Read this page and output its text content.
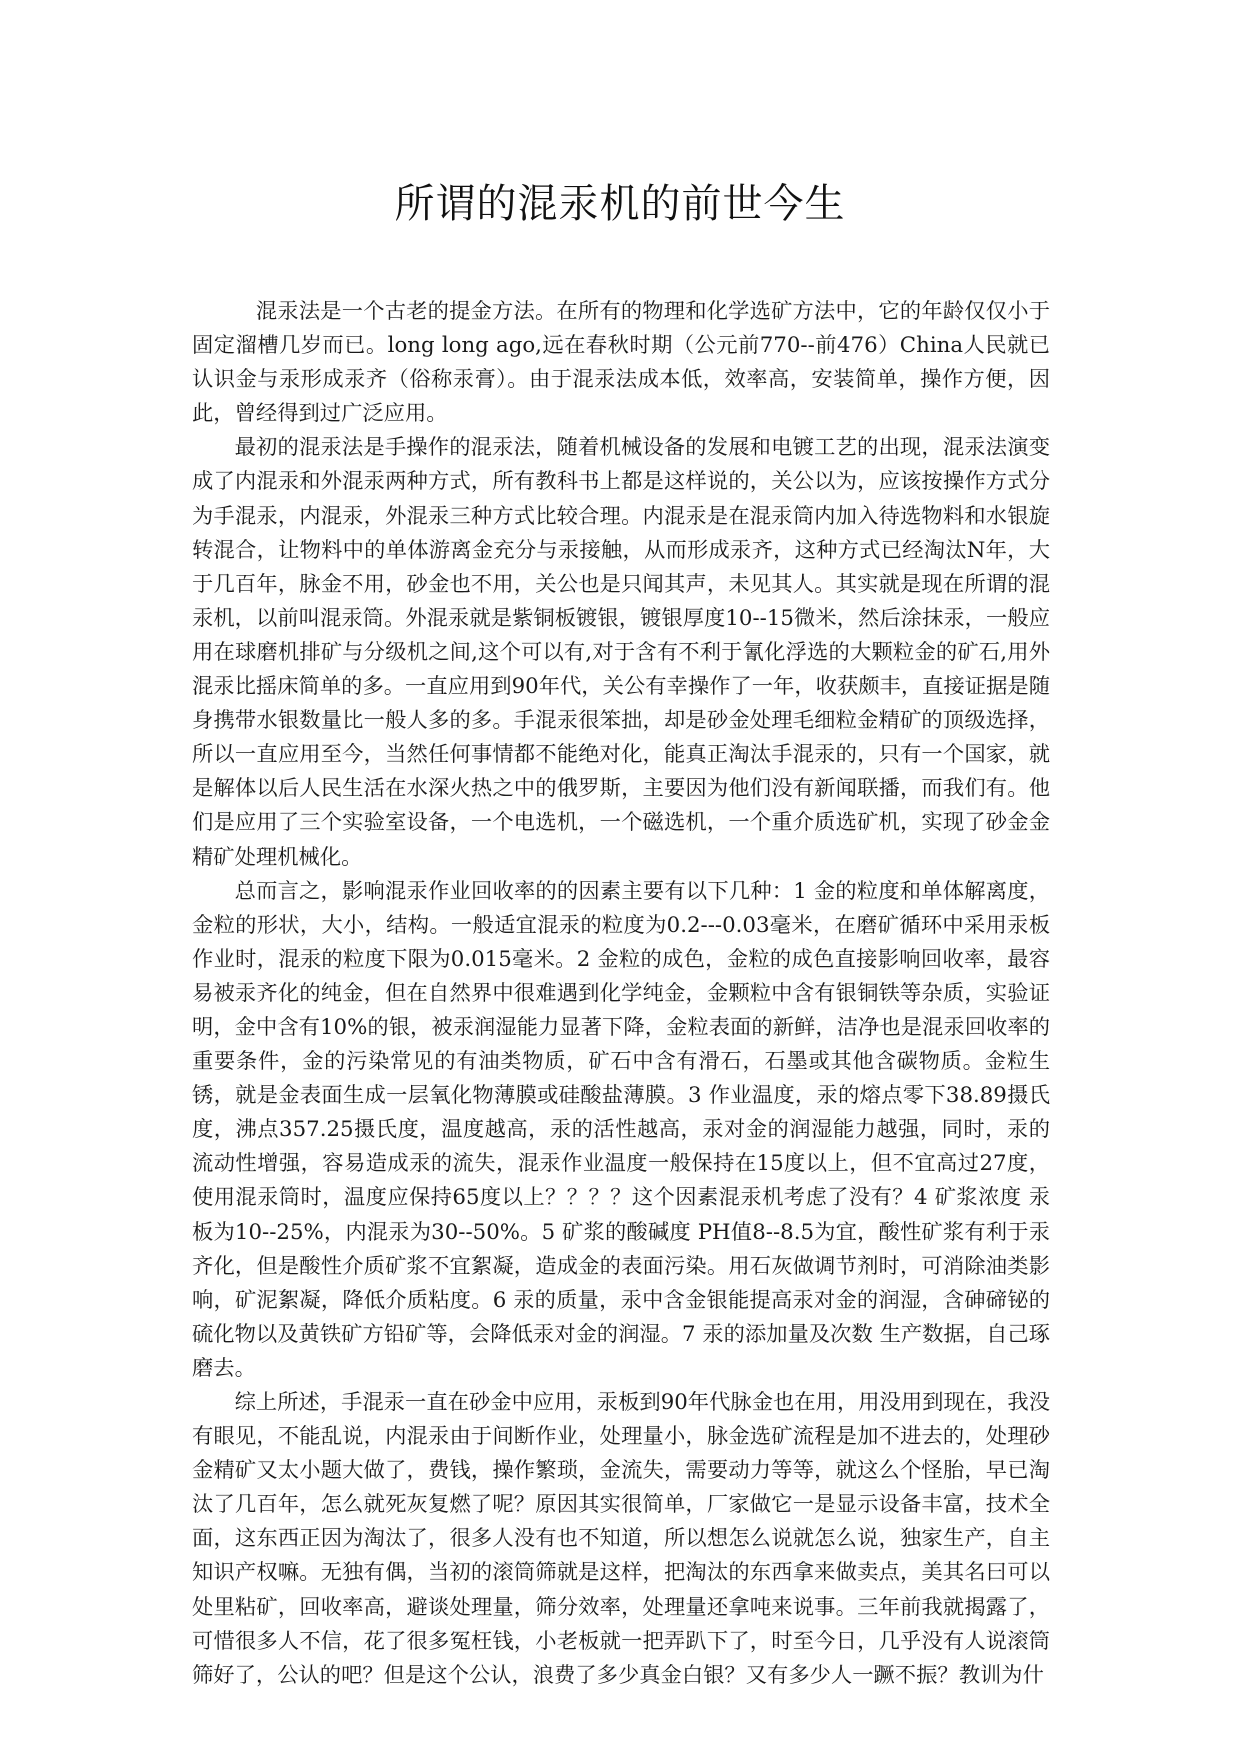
所谓的混汞机的前世今生

混汞法是一个古老的提金方法。在所有的物理和化学选矿方法中，它的年龄仅仅小于固定溜槽几岁而已。long long ago,远在春秋时期（公元前770--前476）China人民就已认识金与汞形成汞齐（俗称汞膏）。由于混汞法成本低，效率高，安装简单，操作方便，因此，曾经得到过广泛应用。

最初的混汞法是手操作的混汞法，随着机械设备的发展和电镀工艺的出现，混汞法演变成了内混汞和外混汞两种方式，所有教科书上都是这样说的，关公以为，应该按操作方式分为手混汞，内混汞，外混汞三种方式比较合理。内混汞是在混汞筒内加入待选物料和水银旋转混合，让物料中的单体游离金充分与汞接触，从而形成汞齐，这种方式已经淘汰N年，大于几百年，脉金不用，砂金也不用，关公也是只闻其声，未见其人。其实就是现在所谓的混汞机，以前叫混汞筒。外混汞就是紫铜板镀银，镀银厚度10--15微米，然后涂抹汞，一般应用在球磨机排矿与分级机之间,这个可以有,对于含有不利于氰化浮选的大颗粒金的矿石,用外混汞比摇床简单的多。一直应用到90年代，关公有幸操作了一年，收获颇丰，直接证据是随身携带水银数量比一般人多的多。手混汞很笨拙，却是砂金处理毛细粒金精矿的顶级选择，所以一直应用至今，当然任何事情都不能绝对化，能真正淘汰手混汞的，只有一个国家，就是解体以后人民生活在水深火热之中的俄罗斯，主要因为他们没有新闻联播，而我们有。他们是应用了三个实验室设备，一个电选机，一个磁选机，一个重介质选矿机，实现了砂金金精矿处理机械化。

总而言之，影响混汞作业回收率的的因素主要有以下几种：1 金的粒度和单体解离度，金粒的形状，大小，结构。一般适宜混汞的粒度为0.2---0.03毫米，在磨矿循环中采用汞板作业时，混汞的粒度下限为0.015毫米。2 金粒的成色，金粒的成色直接影响回收率，最容易被汞齐化的纯金，但在自然界中很难遇到化学纯金，金颗粒中含有银铜铁等杂质，实验证明，金中含有10%的银，被汞润湿能力显著下降，金粒表面的新鲜，洁净也是混汞回收率的重要条件，金的污染常见的有油类物质，矿石中含有滑石，石墨或其他含碳物质。金粒生锈，就是金表面生成一层氧化物薄膜或硅酸盐薄膜。3 作业温度，汞的熔点零下38.89摄氏度，沸点357.25摄氏度，温度越高，汞的活性越高，汞对金的润湿能力越强，同时，汞的流动性增强，容易造成汞的流失，混汞作业温度一般保持在15度以上，但不宜高过27度，使用混汞筒时，温度应保持65度以上？？？？这个因素混汞机考虑了没有？4 矿浆浓度 汞板为10--25%，内混汞为30--50%。5 矿浆的酸碱度 PH值8--8.5为宜，酸性矿浆有利于汞齐化，但是酸性介质矿浆不宜絮凝，造成金的表面污染。用石灰做调节剂时，可消除油类影响，矿泥絮凝，降低介质粘度。6 汞的质量，汞中含金银能提高汞对金的润湿，含砷碲铋的硫化物以及黄铁矿方铅矿等，会降低汞对金的润湿。7 汞的添加量及次数 生产数据，自己琢磨去。

综上所述，手混汞一直在砂金中应用，汞板到90年代脉金也在用，用没用到现在，我没有眼见，不能乱说，内混汞由于间断作业，处理量小，脉金选矿流程是加不进去的，处理砂金精矿又太小题大做了，费钱，操作繁琐，金流失，需要动力等等，就这么个怪胎，早已淘汰了几百年，怎么就死灰复燃了呢？原因其实很简单，厂家做它一是显示设备丰富，技术全面，这东西正因为淘汰了，很多人没有也不知道，所以想怎么说就怎么说，独家生产，自主知识产权嘛。无独有偶，当初的滚筒筛就是这样，把淘汰的东西拿来做卖点，美其名曰可以处里粘矿，回收率高，避谈处理量，筛分效率，处理量还拿吨来说事。三年前我就揭露了，可惜很多人不信，花了很多冤枉钱，小老板就一把弄趴下了，时至今日，几乎没有人说滚筒筛好了，公认的吧？但是这个公认，浪费了多少真金白银？又有多少人一蹶不振？教训为什
